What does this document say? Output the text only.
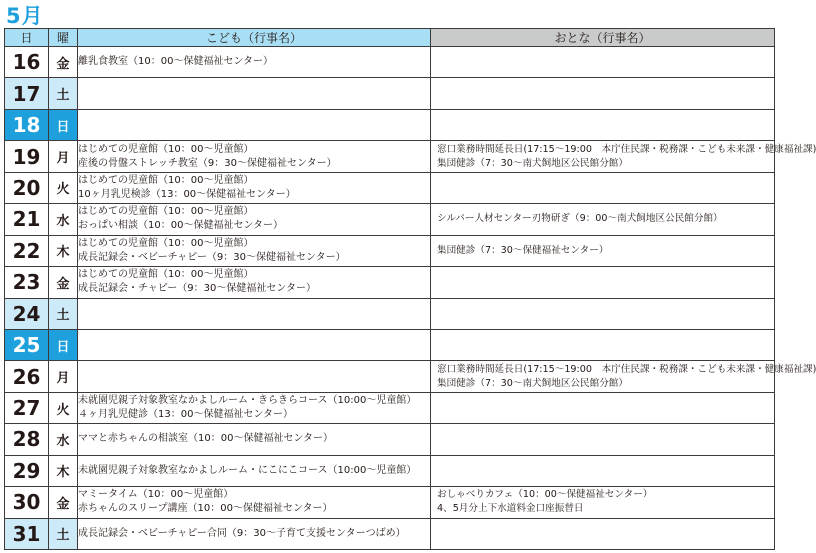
5月
日	曜	こども（行事名）	おとな（行事名）
16	金	離乳食教室（10：00～保健福祉センター）	

17	土		
18	日		
19	月	はじめての児童館（10：00～児童館）
産後の骨盤ストレッチ教室（9：30～保健福祉センター）	窓口業務時間延長日(17:15～19:00　本庁住民課・税務課・こども未来課・健康福祉課)
集団健診（7：30～南犬飼地区公民館分館）

20	火	はじめての児童館（10：00～児童館）
10ヶ月乳児検診（13：00～保健福祉センター）	

21	水	はじめての児童館（10：00～児童館）
おっぱい相談（10：00～保健福祉センター）	シルバー人材センター刃物研ぎ（9：00～南犬飼地区公民館分館）

22	木	はじめての児童館（10：00～児童館）
成長記録会・ベビーチャピー（9：30～保健福祉センター）	集団健診（7：30～保健福祉センター）

23	金	はじめての児童館（10：00～児童館）
成長記録会・チャピー（9：30～保健福祉センター）	

24	土		
25	日		
26	月		窓口業務時間延長日(17:15～19:00　本庁住民課・税務課・こども未来課・健康福祉課)
集団健診（7：30～南犬飼地区公民館分館）

27	火	未就園児親子対象教室なかよしルーム・きらきらコース（10:00～児童館）
４ヶ月乳児健診（13：00～保健福祉センター）	

28	水	ママと赤ちゃんの相談室（10：00～保健福祉センター）	

29	木	未就園児親子対象教室なかよしルーム・にこにこコース（10:00～児童館）	

30	金	マミータイム（10：00～児童館）
赤ちゃんのスリープ講座（10：00～保健福祉センター）	おしゃべりカフェ（10：00～保健福祉センター）
4、5月分上下水道料金口座振替日

31	土	成長記録会・ベビーチャピー合同（9：30～子育て支援センターつばめ）	
